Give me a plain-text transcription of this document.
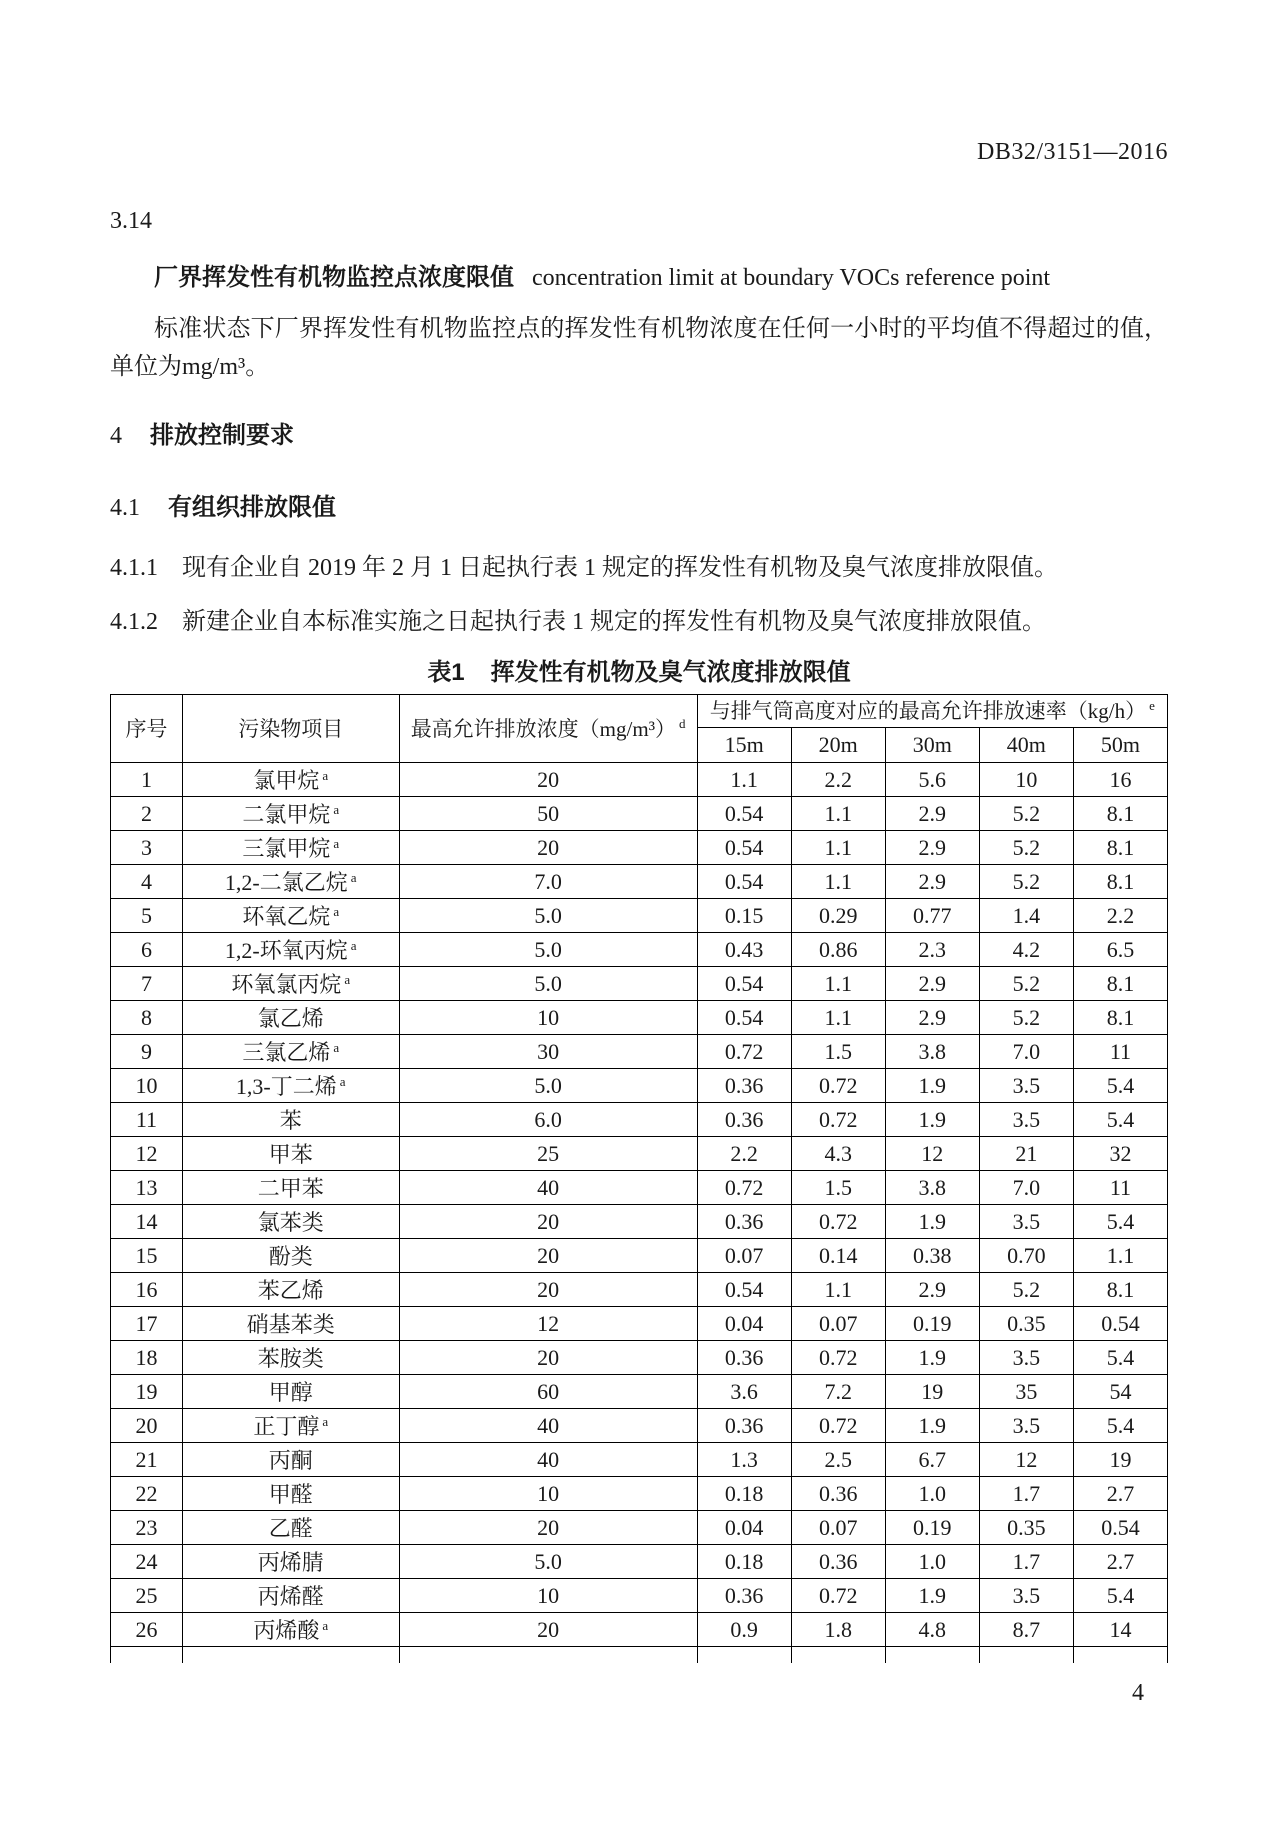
DB32/3151—2016
3.14
厂界挥发性有机物监控点浓度限值 concentration limit at boundary VOCs reference point
标准状态下厂界挥发性有机物监控点的挥发性有机物浓度在任何一小时的平均值不得超过的值，单位为mg/m³。
4 排放控制要求
4.1 有组织排放限值
4.1.1 现有企业自 2019 年 2 月 1 日起执行表 1 规定的挥发性有机物及臭气浓度排放限值。
4.1.2 新建企业自本标准实施之日起执行表 1 规定的挥发性有机物及臭气浓度排放限值。
表1 挥发性有机物及臭气浓度排放限值
序号	污染物项目	最高允许排放浓度（mg/m³） $^d$	与排气筒高度对应的最高允许排放速率（kg/h） $^e$
			15m	20m	30m	40m	50m
1	氯甲烷 $^a$	20	1.1	2.2	5.6	10	16
2	二氯甲烷 $^a$	50	0.54	1.1	2.9	5.2	8.1
3	三氯甲烷 $^a$	20	0.54	1.1	2.9	5.2	8.1
4	1,2-二氯乙烷 $^a$	7.0	0.54	1.1	2.9	5.2	8.1
5	环氧乙烷 $^a$	5.0	0.15	0.29	0.77	1.4	2.2
6	1,2-环氧丙烷 $^a$	5.0	0.43	0.86	2.3	4.2	6.5
7	环氧氯丙烷 $^a$	5.0	0.54	1.1	2.9	5.2	8.1
8	氯乙烯	10	0.54	1.1	2.9	5.2	8.1
9	三氯乙烯 $^a$	30	0.72	1.5	3.8	7.0	11
10	1,3-丁二烯 $^a$	5.0	0.36	0.72	1.9	3.5	5.4
11	苯	6.0	0.36	0.72	1.9	3.5	5.4
12	甲苯	25	2.2	4.3	12	21	32
13	二甲苯	40	0.72	1.5	3.8	7.0	11
14	氯苯类	20	0.36	0.72	1.9	3.5	5.4
15	酚类	20	0.07	0.14	0.38	0.70	1.1
16	苯乙烯	20	0.54	1.1	2.9	5.2	8.1
17	硝基苯类	12	0.04	0.07	0.19	0.35	0.54
18	苯胺类	20	0.36	0.72	1.9	3.5	5.4
19	甲醇	60	3.6	7.2	19	35	54
20	正丁醇 $^a$	40	0.36	0.72	1.9	3.5	5.4
21	丙酮	40	1.3	2.5	6.7	12	19
22	甲醛	10	0.18	0.36	1.0	1.7	2.7
23	乙醛	20	0.04	0.07	0.19	0.35	0.54
24	丙烯腈	5.0	0.18	0.36	1.0	1.7	2.7
25	丙烯醛	10	0.36	0.72	1.9	3.5	5.4
26	丙烯酸 $^a$	20	0.9	1.8	4.8	8.7	14

4
